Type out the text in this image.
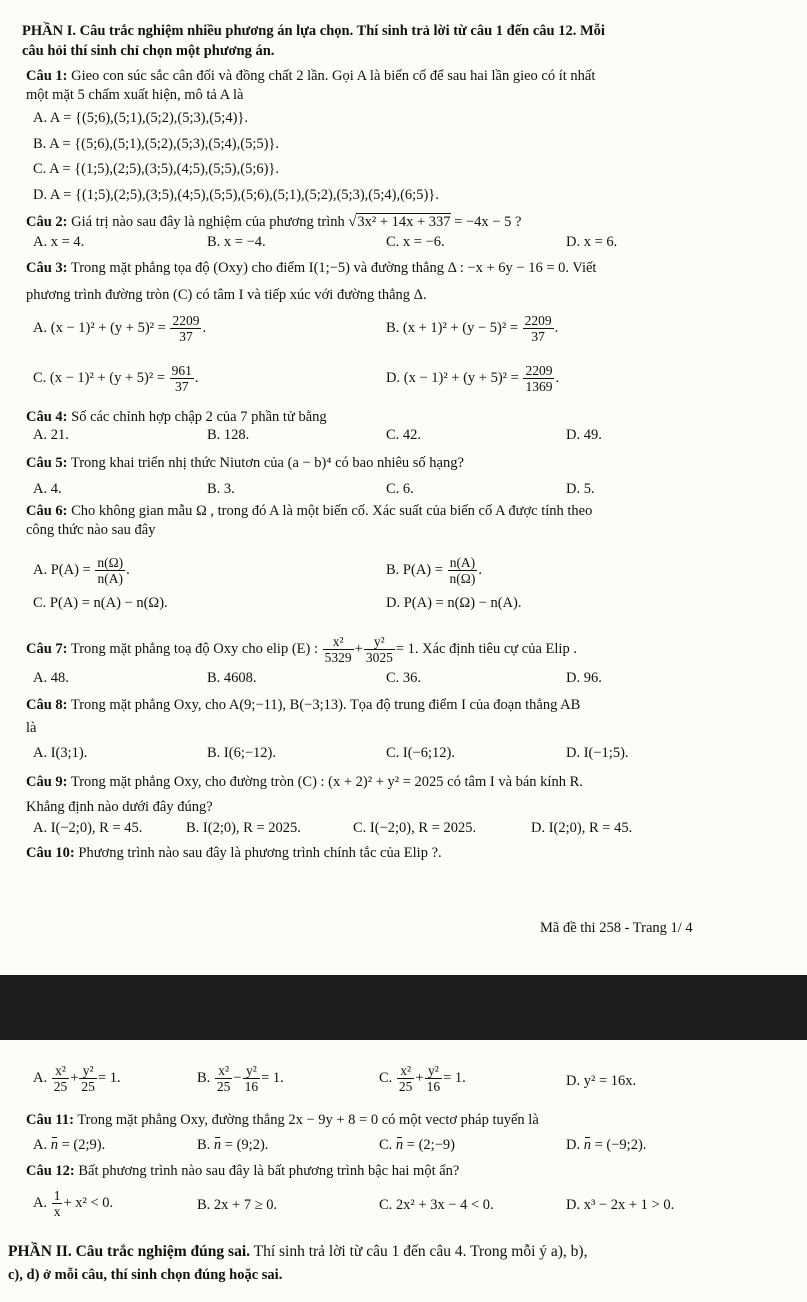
PHẦN I. Câu trắc nghiệm nhiều phương án lựa chọn. Thí sinh trả lời từ câu 1 đến câu 12. Mỗi
câu hỏi thí sinh chỉ chọn một phương án.
Câu 1: Gieo con súc sắc cân đối và đồng chất 2 lần. Gọi A là biến cố để sau hai lần gieo có ít nhất
một mặt 5 chấm xuất hiện, mô tả A là
A. A = {(5;6),(5;1),(5;2),(5;3),(5;4)}.
B. A = {(5;6),(5;1),(5;2),(5;3),(5;4),(5;5)}.
C. A = {(1;5),(2;5),(3;5),(4;5),(5;5),(5;6)}.
D. A = {(1;5),(2;5),(3;5),(4;5),(5;5),(5;6),(5;1),(5;2),(5;3),(5;4),(6;5)}.
Câu 2: Giá trị nào sau đây là nghiệm của phương trình √3x² + 14x + 337 = −4x − 5 ?
A. x = 4.	B. x = −4.	C. x = −6.	D. x = 6.
Câu 3: Trong mặt phẳng tọa độ (Oxy) cho điểm I(1;−5) và đường thẳng Δ : −x + 6y − 16 = 0. Viết
phương trình đường tròn (C) có tâm I và tiếp xúc với đường thẳng Δ.
A. $(x - 1)^2 + (y + 5)^2 = \frac{2209}{37}$ .	B. $(x + 1)^2 + (y - 5)^2 = \frac{2209}{37}$ .
C. $(x - 1)^2 + (y + 5)^2 = \frac{961}{37}$ .	D. $(x - 1)^2 + (y + 5)^2 = \frac{2209}{1369}$ .
Câu 4: Số các chỉnh hợp chập 2 của 7 phần tử bằng
A. 21.	B. 128.	C. 42.	D. 49.
Câu 5: Trong khai triển nhị thức Niutơn của (a − b)⁴ có bao nhiêu số hạng?
A. 4.	B. 3.	C. 6.	D. 5.
Câu 6: Cho không gian mẫu Ω , trong đó A là một biến cố. Xác suất của biến cố A được tính theo
công thức nào sau đây
A. $P(A) = \frac{n(\Omega)}{n(A)}$ .	B. $P(A) = \frac{n(A)}{n(\Omega)}$ .
C. P(A) = n(A) − n(Ω).	D. P(A) = n(Ω) − n(A).
Câu 7: Trong mặt phẳng toạ độ Oxy cho elip (E) : $\frac{\text{x²}}{5329} + \frac{\text{y²}}{3025} = 1$. Xác định tiêu cự của Elip .
A. 48.	B. 4608.	C. 36.	D. 96.
Câu 8: Trong mặt phẳng Oxy, cho A(9;−11), B(−3;13). Tọa độ trung điểm I của đoạn thẳng AB
là
A. I(3;1).	B. I(6;−12).	C. I(−6;12).	D. I(−1;5).
Câu 9: Trong mặt phẳng Oxy, cho đường tròn (C) : (x + 2)² + y² = 2025 có tâm I và bán kính R.
Khẳng định nào dưới đây đúng?
A. I(−2;0), R = 45.	B. I(2;0), R = 2025.	C. I(−2;0), R = 2025.	D. I(2;0), R = 45.
Câu 10: Phương trình nào sau đây là phương trình chính tắc của Elip ?.
Mã đề thi 258 - Trang 1/ 4
A. $\frac{\text{x²}}{25} + \frac{\text{y²}}{25} = 1$.	B. $\frac{\text{x²}}{25} - \frac{\text{y²}}{16} = 1$.	C. $\frac{\text{x²}}{25} + \frac{\text{y²}}{16} = 1$.	D. y² = 16x.
Câu 11: Trong mặt phẳng Oxy, đường thẳng 2x − 9y + 8 = 0 có một vectơ pháp tuyến là
A. n = (2;9).	B. n = (9;2).	C. n = (2;−9)	D. n = (−9;2).
Câu 12: Bất phương trình nào sau đây là bất phương trình bậc hai một ẩn?
A. $\frac{1}{x} + x^2 < 0$.	B. 2x + 7 ≥ 0.	C. 2x² + 3x − 4 < 0.	D. x³ − 2x + 1 > 0.
PHẦN II. Câu trắc nghiệm đúng sai. Thí sinh trả lời từ câu 1 đến câu 4. Trong mỗi ý a), b),
c), d) ở mỗi câu, thí sinh chọn đúng hoặc sai.
